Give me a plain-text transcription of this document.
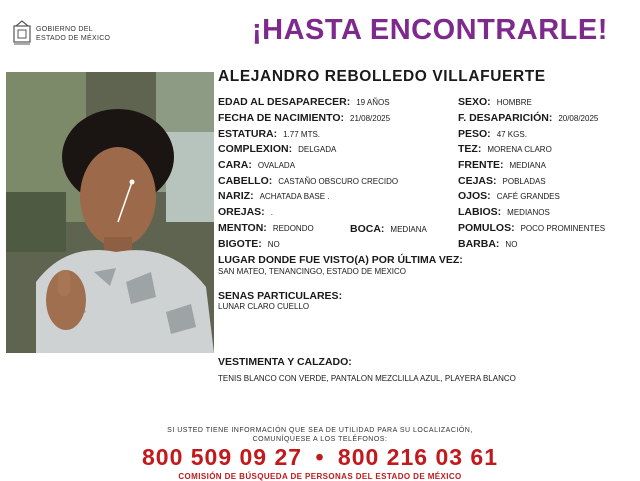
GOBIERNO DEL
ESTADO DE MÉXICO	¡HASTA ENCONTRARLE!
ALEJANDRO REBOLLEDO VILLAFUERTE
EDAD AL DESAPARECER: 19 AÑOS
FECHA DE NACIMIENTO: 21/08/2025
ESTATURA: 1.77 MTS.
COMPLEXION: DELGADA
CARA: OVALADA
CABELLO: CASTAÑO OBSCURO CRECIDO
NARIZ: ACHATADA BASE .
OREJAS: .
MENTON: REDONDO
BIGOTE: NO
BOCA: MEDIANA
SEXO: HOMBRE
F. DESAPARICIÓN: 20/08/2025
PESO: 47 KGS.
TEZ: MORENA CLARO
FRENTE: MEDIANA
CEJAS: POBLADAS
OJOS: CAFÉ GRANDES
LABIOS: MEDIANOS
POMULOS: POCO PROMINENTES
BARBA: NO
LUGAR DONDE FUE VISTO(A) POR ÚLTIMA VEZ:
SAN MATEO, TENANCINGO, ESTADO DE MEXICO
SENAS PARTICULARES:
LUNAR CLARO CUELLO
VESTIMENTA Y CALZADO:
TENIS BLANCO CON VERDE, PANTALON MEZCLILLA AZUL, PLAYERA BLANCO
SI USTED TIENE INFORMACIÓN QUE SEA DE UTILIDAD PARA SU LOCALIZACIÓN,
COMUNÍQUESE A LOS TELÉFONOS:
800 509 09 27 • 800 216 03 61
COMISIÓN DE BÚSQUEDA DE PERSONAS DEL ESTADO DE MÉXICO
